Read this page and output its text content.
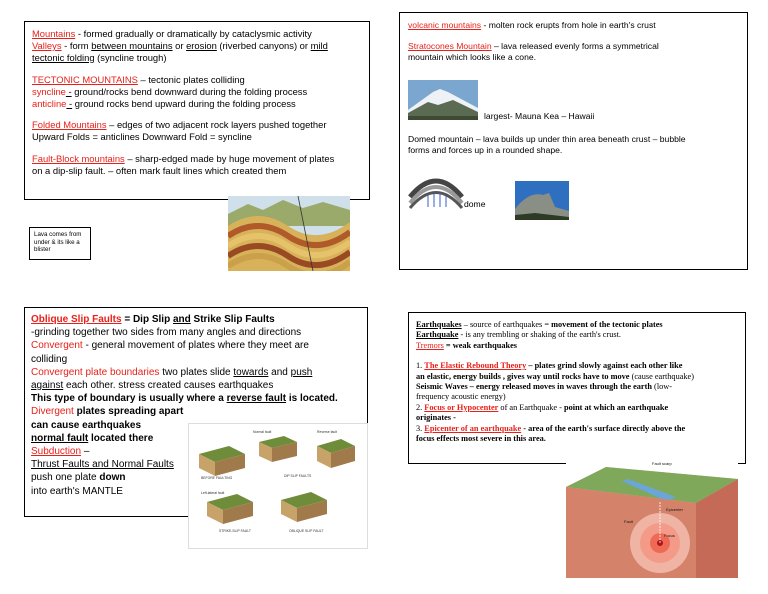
Mountains - formed gradually or dramatically by cataclysmic activity
Valleys - form between mountains or erosion (riverbed canyons) or mild
tectonic folding (syncline trough)
TECTONIC MOUNTAINS – tectonic plates colliding
syncline - ground/rocks bend downward during the folding process
anticline - ground rocks bend upward during the folding process
Folded Mountains – edges of two adjacent rock layers pushed together
Upward Folds = anticlines Downward Fold = syncline
Fault-Block mountains – sharp-edged made by huge movement of plates
on a dip-slip fault. – often mark fault lines which created them
Lava comes from
under & its like a
blister
volcanic mountains - molten rock erupts from hole in earth's crust
Stratocones Mountain – lava released evenly forms a symmetrical
mountain which looks like a cone.
largest- Mauna Kea – Hawaii
Domed mountain – lava builds up under thin area beneath crust – bubble
forms and forces up in a rounded shape.
dome
Oblique Slip Faults = Dip Slip and Strike Slip Faults
-grinding together two sides from many angles and directions
Convergent - general movement of plates where they meet are
colliding
Convergent plate boundaries two plates slide towards and push
against each other. stress created causes earthquakes
This type of boundary is usually where a reverse fault is located.
Divergent plates spreading apart
can cause earthquakes
normal fault located there
Subduction –
Thrust Faults and Normal Faults
push one plate down
into earth's MANTLE
Normal fault	Reverse fault
BEFORE FAULTING	DIP SLIP FAULTS
Left-lateral fault
STRIKE-SLIP FAULT	OBLIQUE SLIP FAULT
Earthquakes – source of earthquakes = movement of the tectonic plates
Earthquake - is any trembling or shaking of the earth's crust.
Tremors = weak earthquakes
1. The Elastic Rebound Theory – plates grind slowly against each other like
an elastic, energy builds , gives way until rocks have to move (cause earthquake)
Seismic Waves – energy released moves in waves through the earth (low-
frequency acoustic energy)
2. Focus or Hypocenter of an Earthquake - point at which an earthquake
originates -
3. Epicenter of an earthquake - area of the earth's surface directly above the
focus effects most severe in this area.
Fault scarp
Epicenter
Fault
Focus
